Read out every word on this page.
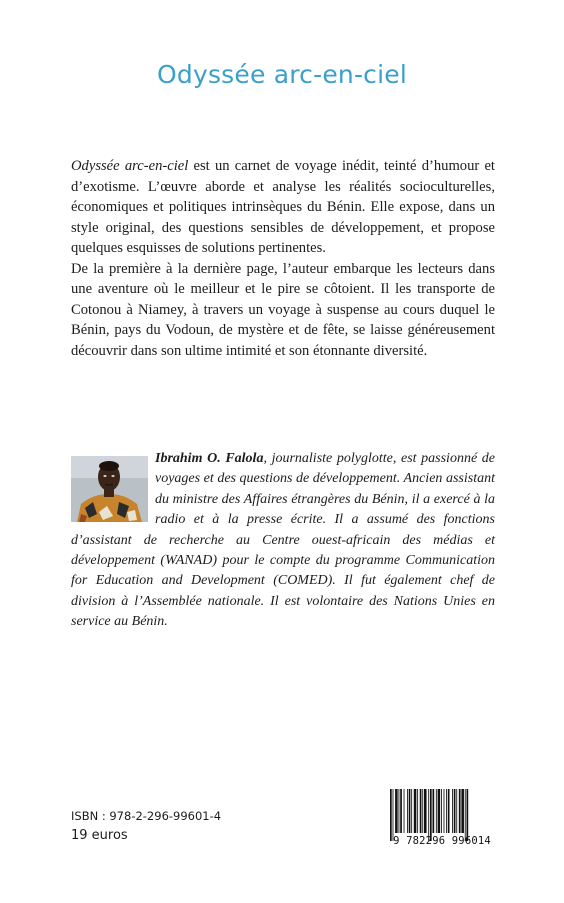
Odyssée arc-en-ciel

Odyssée arc-en-ciel est un carnet de voyage inédit, teinté d’humour et d’exotisme. L’œuvre aborde et analyse les réalités socioculturelles, économiques et politiques intrinsèques du Bénin. Elle expose, dans un style original, des questions sensibles de développement, et propose quelques esquisses de solutions pertinentes.

De la première à la dernière page, l’auteur embarque les lecteurs dans une aventure où le meilleur et le pire se côtoient. Il les transporte de Cotonou à Niamey, à travers un voyage à suspense au cours duquel le Bénin, pays du Vodoun, de mystère et de fête, se laisse généreusement découvrir dans son ultime intimité et son étonnante diversité.

Ibrahim O. Falola, journaliste polyglotte, est passionné de voyages et des questions de développement. Ancien assistant du ministre des Affaires étrangères du Bénin, il a exercé à la radio et à la presse écrite. Il a assumé des fonctions d’assistant de recherche au Centre ouest-africain des médias et développement (WANAD) pour le compte du programme Communication for Education and Development (COMED). Il fut également chef de division à l’Assemblée nationale. Il est volontaire des Nations Unies en service au Bénin.
ISBN : 978-2-296-99601-4
19 euros	9 782296 996014
